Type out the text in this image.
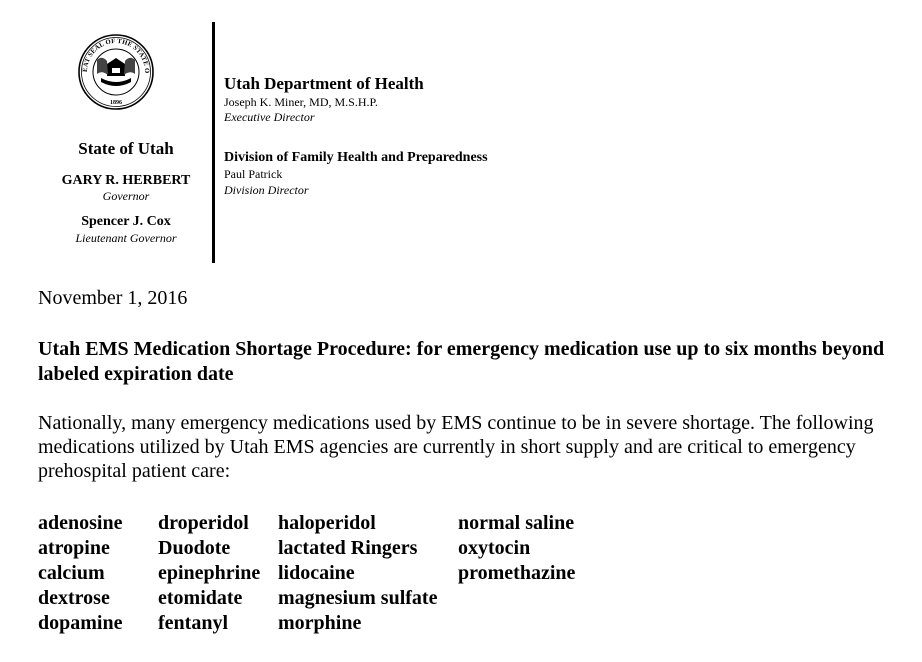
EAT SEAL OF THE STATE O
1896
State of Utah
GARY R. HERBERT
Governor
Spencer J. Cox
Lieutenant Governor
Utah Department of Health
Joseph K. Miner, MD, M.S.H.P.
Executive Director
Division of Family Health and Preparedness
Paul Patrick
Division Director
November 1, 2016
Utah EMS Medication Shortage Procedure: for emergency medication use up to six months beyond labeled expiration date
Nationally, many emergency medications used by EMS continue to be in severe shortage. The following medications utilized by Utah EMS agencies are currently in short supply and are critical to emergency prehospital patient care:
adenosine
atropine
calcium
dextrose
dopamine
droperidol
Duodote
epinephrine
etomidate
fentanyl
haloperidol
lactated Ringers
lidocaine
magnesium sulfate
morphine
normal saline
oxytocin
promethazine
